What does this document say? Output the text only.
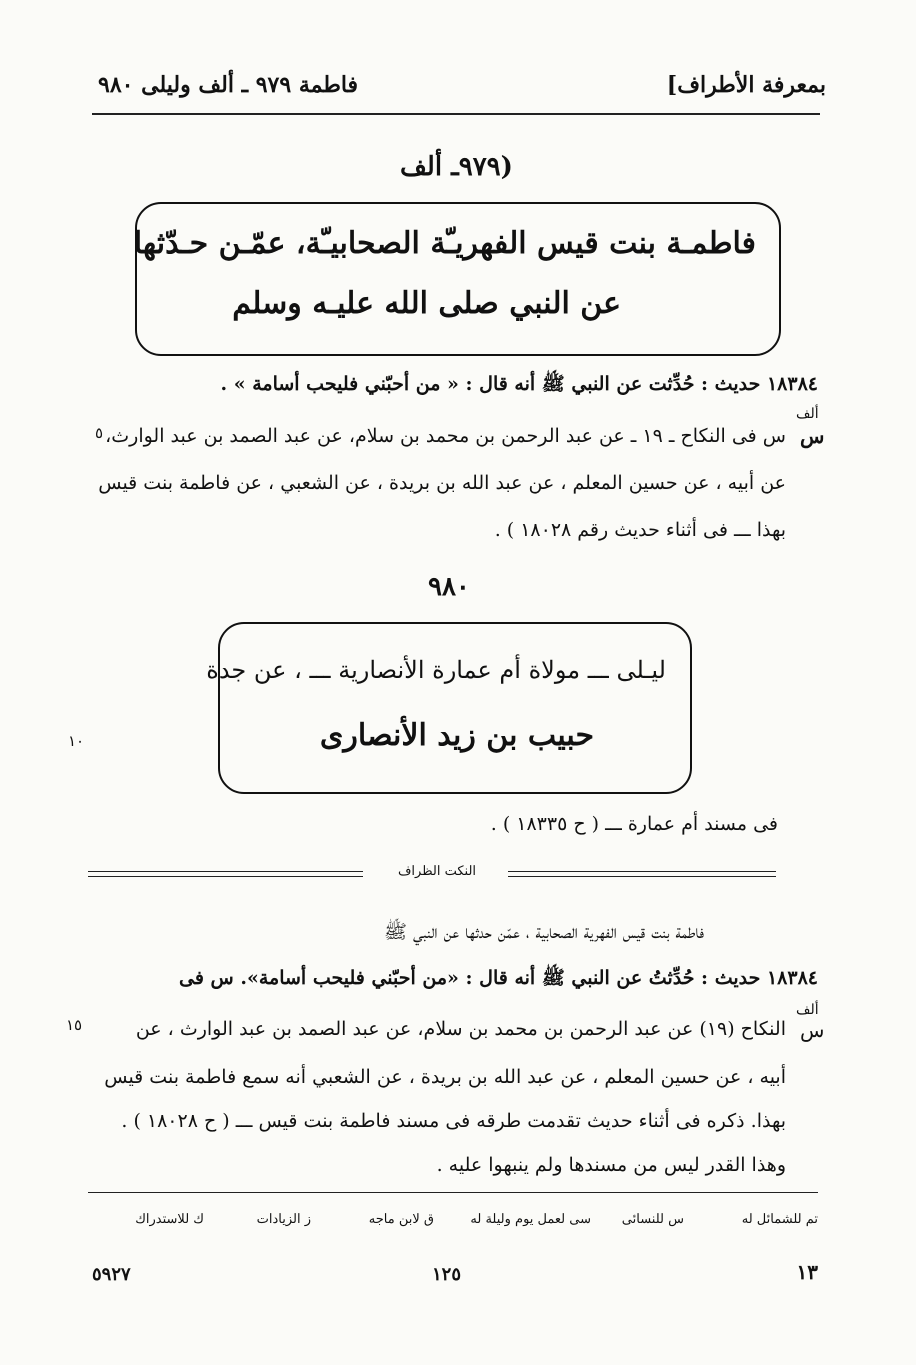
بمعرفة الأطراف]
فاطمة ٩٧٩ ـ ألف وليلى ٩٨٠
(٩٧٩ـ ألف
فاطمـة بنت قيس الفهريـّة الصحابيـّة، عمّـن حـدّثها
عن النبي صلى الله عليـه وسلم
١٨٣٨٤ حديث : حُدِّثت عن النبي ﷺ أنه قال : « من أحبّني فليحب أسامة » .
ألف
س
س فى النكاح ـ ١٩ ـ عن عبد الرحمن بن محمد بن سلام، عن عبد الصمد بن عبد الوارث،
٥
عن أبيه ، عن حسين المعلم ، عن عبد الله بن بريدة ، عن الشعبي ، عن فاطمة بنت قيس
بهذا ـــ فى أثناء حديث رقم ١٨٠٢٨ ) .
٩٨٠
ليـلى ـــ مولاة أم عمارة الأنصارية ـــ ، عن جدة
حبيب بن زيد الأنصارى
١٠
فى مسند أم عمارة ـــ ( ح ١٨٣٣٥ ) .
النكت الظراف
فاطمة بنت قيس الفهرية الصحابية ، عمّن حدثها عن النبي ﷺ
١٨٣٨٤ حديث : حُدِّثتُ عن النبي ﷺ أنه قال : «من أحبّني فليحب أسامة». س فى
ألف
س
النكاح (١٩) عن عبد الرحمن بن محمد بن سلام، عن عبد الصمد بن عبد الوارث ، عن
١٥
أبيه ، عن حسين المعلم ، عن عبد الله بن بريدة ، عن الشعبي أنه سمع فاطمة بنت قيس
بهذا. ذكره فى أثناء حديث تقدمت طرقه فى مسند فاطمة بنت قيس ـــ ( ح ١٨٠٢٨ ) .
وهذا القدر ليس من مسندها ولم ينبهوا عليه .
تم للشمائل له
س للنسائى
سى لعمل يوم وليلة له
ق لابن ماجه
ز الزيادات
ك للاستدراك
١٣
١٢٥
٥٩٢٧
